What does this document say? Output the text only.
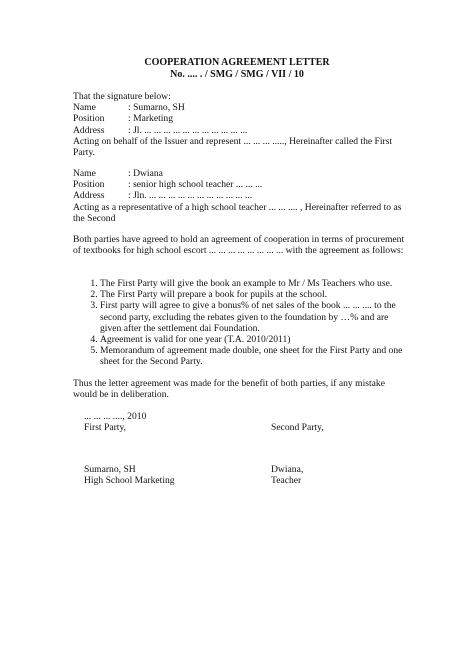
COOPERATION AGREEMENT LETTER
No. .... . / SMG / SMG / VII / 10
That the signature below:
Name	: Sumarno, SH
Position : Marketing
Address : Jl. ... ... ... ... ... ... ... ... ... ... ...

Acting on behalf of the Issuer and represent ... ... ... ....., Hereinafter called the First Party.

Name	: Dwiana
Position : senior high school teacher ... ... ...
Address : Jln. ... ... ... ... ... ... ... ... ... ... ...

Acting as a representative of a high school teacher ... ... .... , Hereinafter referred to as the Second

Both parties have agreed to hold an agreement of cooperation in terms of procurement of textbooks for high school escort ... ... ... ... ... ... ... ... with the agreement as follows:

1. The First Party will give the book an example to Mr / Ms Teachers who use.
2. The First Party will prepare a book for pupils at the school.
3. First party will agree to give a bonus% of net sales of the book ... ... .... to the second party, excluding the rebates given to the foundation by …% and are given after the settlement dai Foundation.
4. Agreement is valid for one year (T.A. 2010/2011)
5. Memorandum of agreement made double, one sheet for the First Party and one sheet for the Second Party.

Thus the letter agreement was made for the benefit of both parties, if any mistake would be in deliberation.

... ... ... ...., 2010
First Party,	Second Party,
Sumarno, SH	Dwiana,
High School Marketing	Teacher
